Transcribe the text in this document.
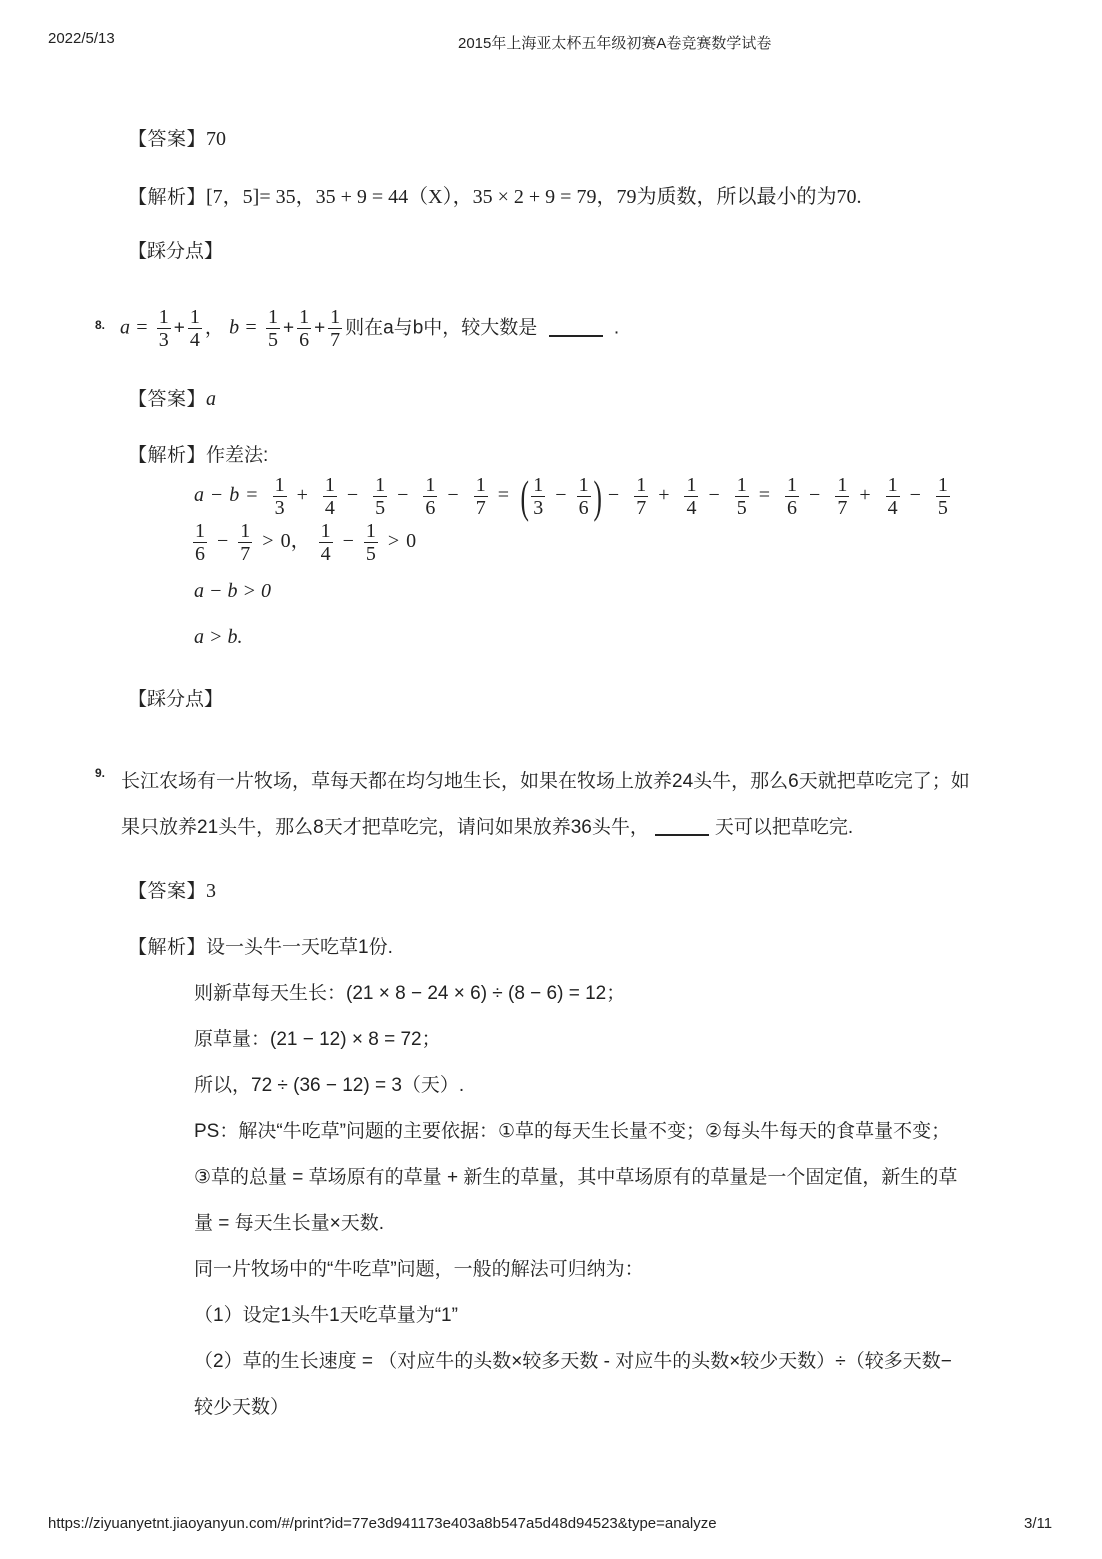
2022/5/13	2015年上海亚太杯五年级初赛A卷竞赛数学试卷
【答案】70
【解析】[7，5]= 35，35 + 9 = 44（X），35 × 2 + 9 = 79，79为质数，所以最小的为70.
【踩分点】
8. $a = \frac{1}{3} + \frac{1}{4}$ ， $b = \frac{1}{5} + \frac{1}{6} + \frac{1}{7}$ 则在a与b中，较大数是	.
【答案】a
【解析】作差法:
$a - b = \frac{1}{3} + \frac{1}{4} - \frac{1}{5} - \frac{1}{6} - \frac{1}{7}$ = ( $\frac{1}{3} - \frac{1}{6}$ ) − $\frac{1}{7} + \frac{1}{4} - \frac{1}{5} = \frac{1}{6} - \frac{1}{7} + \frac{1}{4} - \frac{1}{5}$
$\frac{1}{6} - \frac{1}{7} > 0$， $\frac{1}{4} - \frac{1}{5} > 0$
a − b > 0
a > b.
【踩分点】
9. 长江农场有一片牧场，草每天都在均匀地生长，如果在牧场上放养24头牛，那么6天就把草吃完了；如
果只放养21头牛，那么8天才把草吃完，请问如果放养36头牛，	天可以把草吃完.
【答案】3
【解析】设一头牛一天吃草1份.
则新草每天生长：(21 × 8 − 24 × 6) ÷ (8 − 6) = 12；
原草量：(21 − 12) × 8 = 72；
所以，72 ÷ (36 − 12) = 3（天）.
PS：解决“牛吃草”问题的主要依据：①草的每天生长量不变；②每头牛每天的食草量不变；
③草的总量 = 草场原有的草量 + 新生的草量，其中草场原有的草量是一个固定值，新生的草
量 = 每天生长量×天数.
同一片牧场中的“牛吃草”问题，一般的解法可归纳为：
（1）设定1头牛1天吃草量为“1”
（2）草的生长速度 = （对应牛的头数×较多天数 - 对应牛的头数×较少天数）÷（较多天数−
较少天数）
https://ziyuanyetnt.jiaoyanyun.com/#/print?id=77e3d941173e403a8b547a5d48d94523&type=analyze	3/11
